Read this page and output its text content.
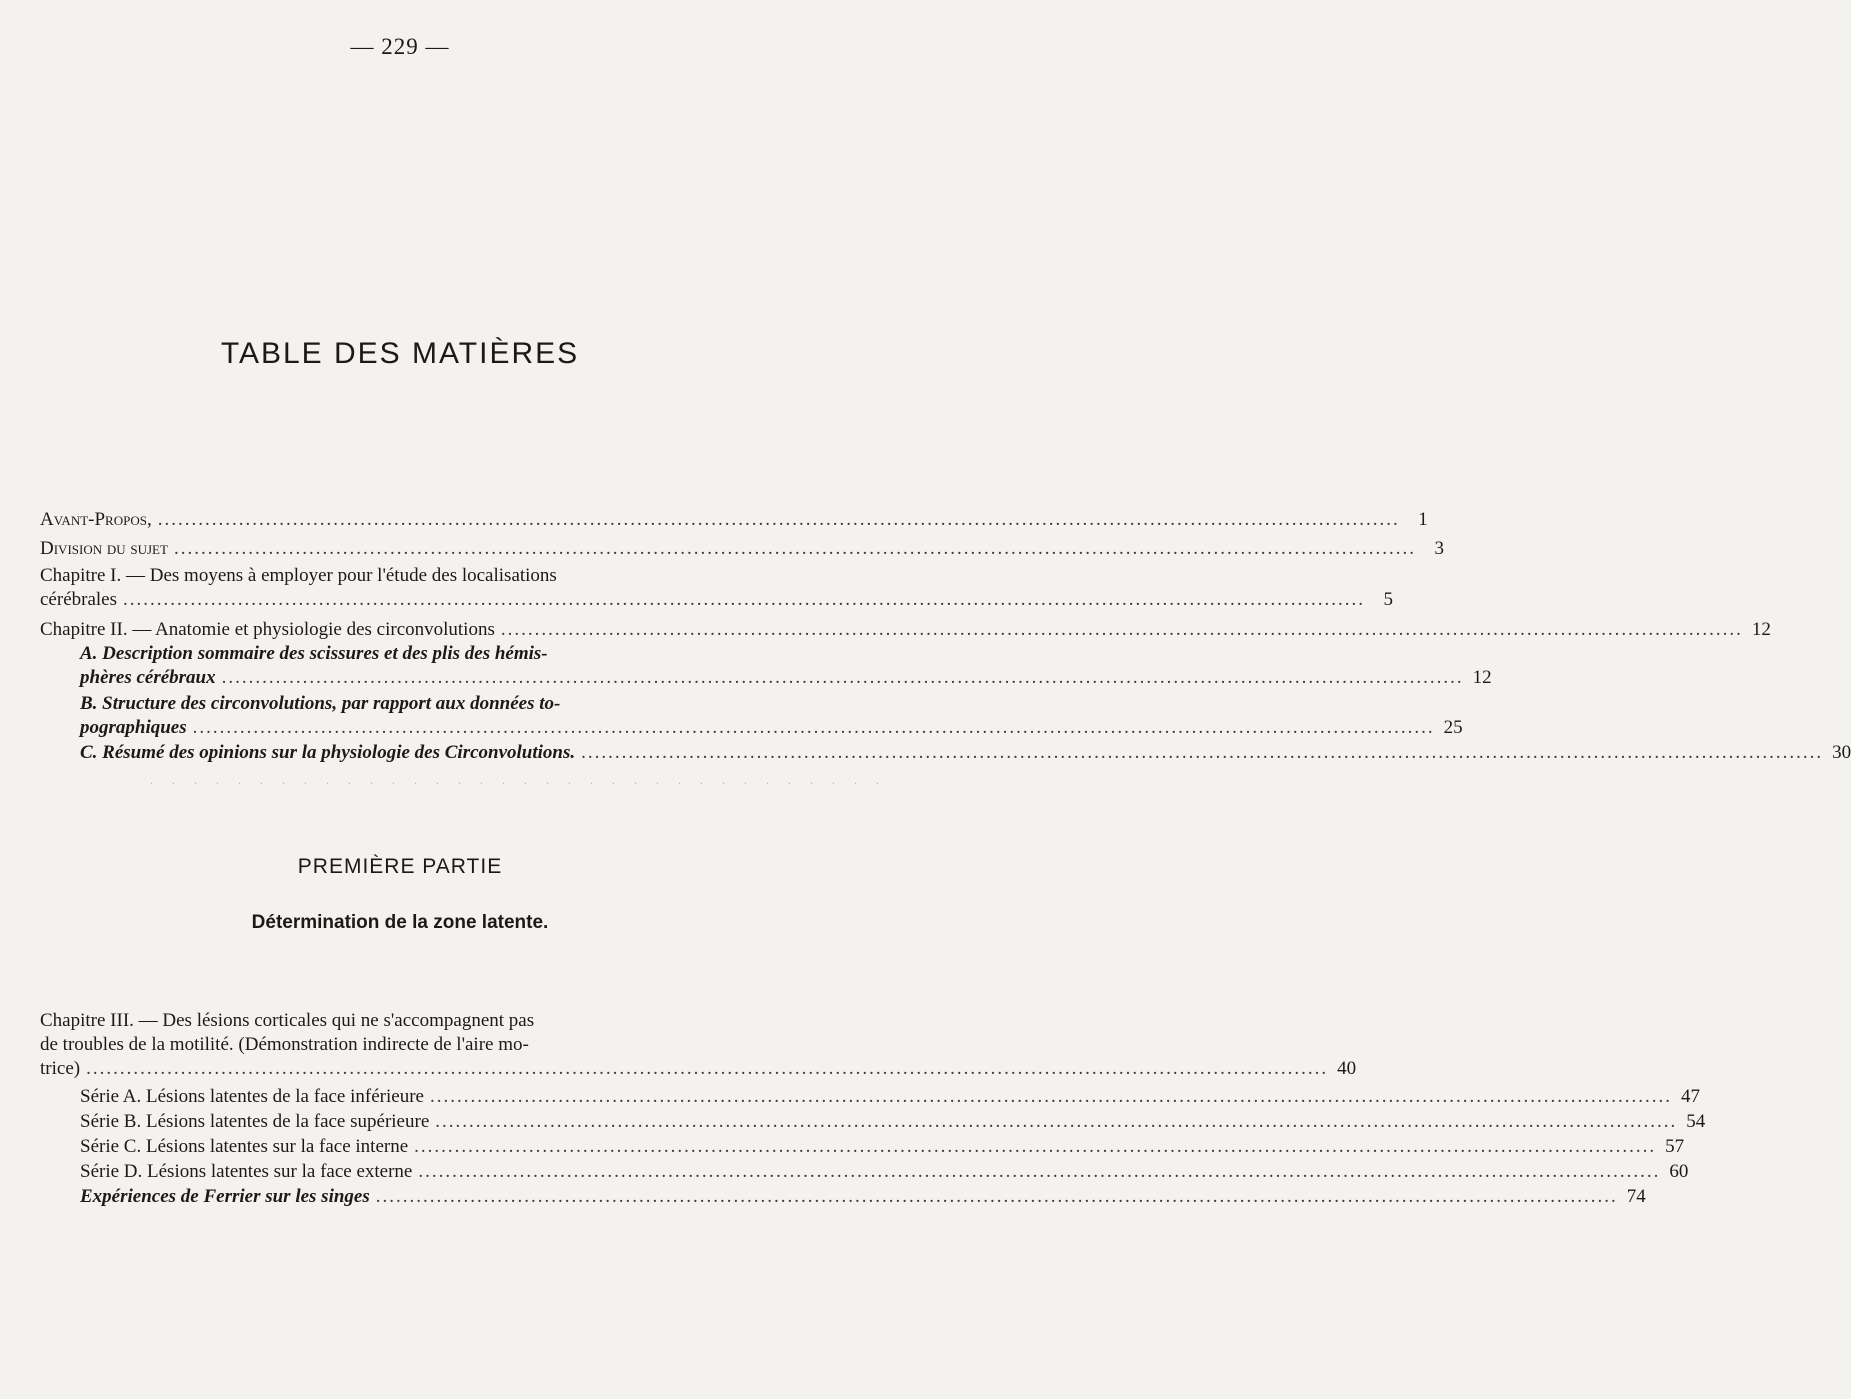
— 229 —
TABLE DES MATIÈRES
Avant-Propos, .....	1
Division du sujet .....	3
Chapitre I. — Des moyens à employer pour l'étude des localisations
cérébrales .....	5
Chapitre II. — Anatomie et physiologie des circonvolutions .....	12
A. Description sommaire des scissures et des plis des hémis-
phères cérébraux .....	12
B. Structure des circonvolutions, par rapport aux données to-
pographiques .....	25
C. Résumé des opinions sur la physiologie des Circonvolutions. .....	30
. . . . . . . . . . . . . . . . . . . . . . . . . . . . . . . . . .
PREMIÈRE PARTIE
Détermination de la zone latente.
Chapitre III. — Des lésions corticales qui ne s'accompagnent pas
de troubles de la motilité. (Démonstration indirecte de l'aire mo-
trice) .....	40
Série A. Lésions latentes de la face inférieure .....	47
Série B. Lésions latentes de la face supérieure .....	54
Série C. Lésions latentes sur la face interne .....	57
Série D. Lésions latentes sur la face externe .....	60
Expériences de Ferrier sur les singes .....	74
